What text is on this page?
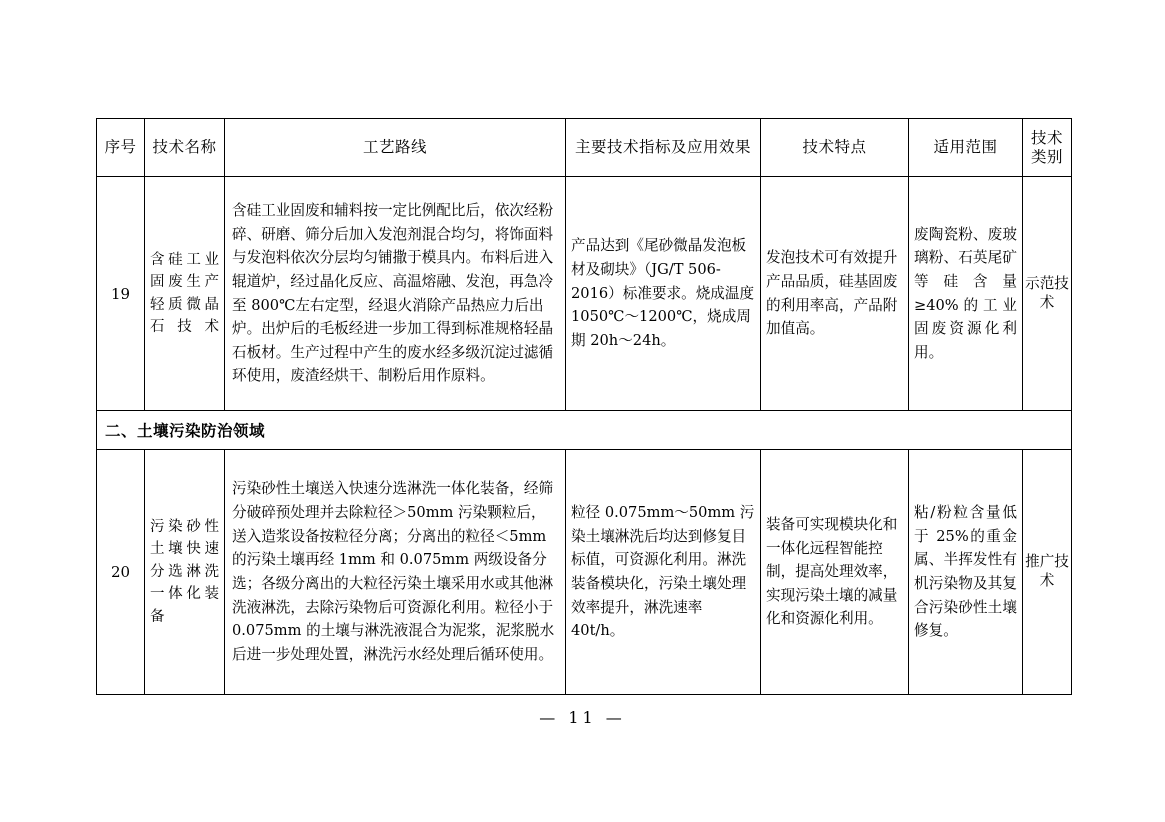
序号	技术名称	工艺路线	主要技术指标及应用效果	技术特点	适用范围	技术
类别

19	含硅工业固废生产轻质微晶石技术	含硅工业固废和辅料按一定比例配比后，依次经粉碎、研磨、筛分后加入发泡剂混合均匀，将饰面料与发泡料依次分层均匀铺撒于模具内。布料后进入辊道炉，经过晶化反应、高温熔融、发泡，再急冷至 800℃左右定型，经退火消除产品热应力后出炉。出炉后的毛板经进一步加工得到标准规格轻晶石板材。生产过程中产生的废水经多级沉淀过滤循环使用，废渣经烘干、制粉后用作原料。	产品达到《尾砂微晶发泡板材及砌块》（JG/T 506-2016）标准要求。烧成温度 1050℃～1200℃，烧成周期 20h～24h。	发泡技术可有效提升产品品质，硅基固废的利用率高，产品附加值高。	废陶瓷粉、废玻璃粉、石英尾矿等硅含量≥40%的工业固废资源化利用。	示范技术

二、土壤污染防治领域						

20	污染砂性土壤快速分选淋洗一体化装备	污染砂性土壤送入快速分选淋洗一体化装备，经筛分破碎预处理并去除粒径＞50mm 污染颗粒后，送入造浆设备按粒径分离；分离出的粒径＜5mm 的污染土壤再经 1mm 和 0.075mm 两级设备分选；各级分离出的大粒径污染土壤采用水或其他淋洗液淋洗，去除污染物后可资源化利用。粒径小于 0.075mm 的土壤与淋洗液混合为泥浆，泥浆脱水后进一步处理处置，淋洗污水经处理后循环使用。	粒径 0.075mm～50mm 污染土壤淋洗后均达到修复目标值，可资源化利用。淋洗装备模块化，污染土壤处理效率提升，淋洗速率 40t/h。	装备可实现模块化和一体化远程智能控制，提高处理效率，实现污染土壤的减量化和资源化利用。	粘/粉粒含量低于 25%的重金属、半挥发性有机污染物及其复合污染砂性土壤修复。	推广技术
— 11 —
